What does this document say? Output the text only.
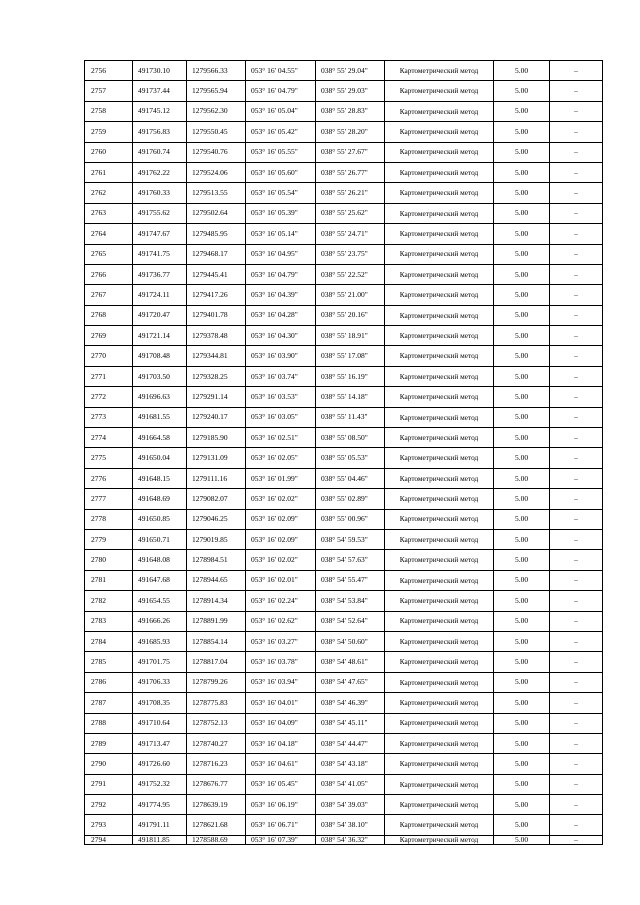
2756	491730.10	1279566.33	053° 16' 04.55"	038° 55' 29.04"	Картометрический метод	5.00	–
2757	491737.44	1279565.94	053° 16' 04.79"	038° 55' 29.03"	Картометрический метод	5.00	–
2758	491745.12	1279562.30	053° 16' 05.04"	038° 55' 28.83"	Картометрический метод	5.00	–
2759	491756.83	1279550.45	053° 16' 05.42"	038° 55' 28.20"	Картометрический метод	5.00	–
2760	491760.74	1279540.76	053° 16' 05.55"	038° 55' 27.67"	Картометрический метод	5.00	–
2761	491762.22	1279524.06	053° 16' 05.60"	038° 55' 26.77"	Картометрический метод	5.00	–
2762	491760.33	1279513.55	053° 16' 05.54"	038° 55' 26.21"	Картометрический метод	5.00	–
2763	491755.62	1279502.64	053° 16' 05.39"	038° 55' 25.62"	Картометрический метод	5.00	–
2764	491747.67	1279485.95	053° 16' 05.14"	038° 55' 24.71"	Картометрический метод	5.00	–
2765	491741.75	1279468.17	053° 16' 04.95"	038° 55' 23.75"	Картометрический метод	5.00	–
2766	491736.77	1279445.41	053° 16' 04.79"	038° 55' 22.52"	Картометрический метод	5.00	–
2767	491724.11	1279417.26	053° 16' 04.39"	038° 55' 21.00"	Картометрический метод	5.00	–
2768	491720.47	1279401.78	053° 16' 04.28"	038° 55' 20.16"	Картометрический метод	5.00	–
2769	491721.14	1279378.48	053° 16' 04.30"	038° 55' 18.91"	Картометрический метод	5.00	–
2770	491708.48	1279344.81	053° 16' 03.90"	038° 55' 17.08"	Картометрический метод	5.00	–
2771	491703.50	1279328.25	053° 16' 03.74"	038° 55' 16.19"	Картометрический метод	5.00	–
2772	491696.63	1279291.14	053° 16' 03.53"	038° 55' 14.18"	Картометрический метод	5.00	–
2773	491681.55	1279240.17	053° 16' 03.05"	038° 55' 11.43"	Картометрический метод	5.00	–
2774	491664.58	1279185.90	053° 16' 02.51"	038° 55' 08.50"	Картометрический метод	5.00	–
2775	491650.04	1279131.09	053° 16' 02.05"	038° 55' 05.53"	Картометрический метод	5.00	–
2776	491648.15	1279111.16	053° 16' 01.99"	038° 55' 04.46"	Картометрический метод	5.00	–
2777	491648.69	1279082.07	053° 16' 02.02"	038° 55' 02.89"	Картометрический метод	5.00	–
2778	491650.85	1279046.25	053° 16' 02.09"	038° 55' 00.96"	Картометрический метод	5.00	–
2779	491650.71	1279019.85	053° 16' 02.09"	038° 54' 59.53"	Картометрический метод	5.00	–
2780	491648.08	1278984.51	053° 16' 02.02"	038° 54' 57.63"	Картометрический метод	5.00	–
2781	491647.68	1278944.65	053° 16' 02.01"	038° 54' 55.47"	Картометрический метод	5.00	–
2782	491654.55	1278914.34	053° 16' 02.24"	038° 54' 53.84"	Картометрический метод	5.00	–
2783	491666.26	1278891.99	053° 16' 02.62"	038° 54' 52.64"	Картометрический метод	5.00	–
2784	491685.93	1278854.14	053° 16' 03.27"	038° 54' 50.60"	Картометрический метод	5.00	–
2785	491701.75	1278817.04	053° 16' 03.78"	038° 54' 48.61"	Картометрический метод	5.00	–
2786	491706.33	1278799.26	053° 16' 03.94"	038° 54' 47.65"	Картометрический метод	5.00	–
2787	491708.35	1278775.83	053° 16' 04.01"	038° 54' 46.39"	Картометрический метод	5.00	–
2788	491710.64	1278752.13	053° 16' 04.09"	038° 54' 45.11"	Картометрический метод	5.00	–
2789	491713.47	1278740.27	053° 16' 04.18"	038° 54' 44.47"	Картометрический метод	5.00	–
2790	491726.60	1278716.23	053° 16' 04.61"	038° 54' 43.18"	Картометрический метод	5.00	–
2791	491752.32	1278676.77	053° 16' 05.45"	038° 54' 41.05"	Картометрический метод	5.00	–
2792	491774.95	1278639.19	053° 16' 06.19"	038° 54' 39.03"	Картометрический метод	5.00	–
2793	491791.11	1278621.68	053° 16' 06.71"	038° 54' 38.10"	Картометрический метод	5.00	–
2794	491811.85	1278588.69	053° 16' 07.39"	038° 54' 36.32"	Картометрический метод	5.00	–
